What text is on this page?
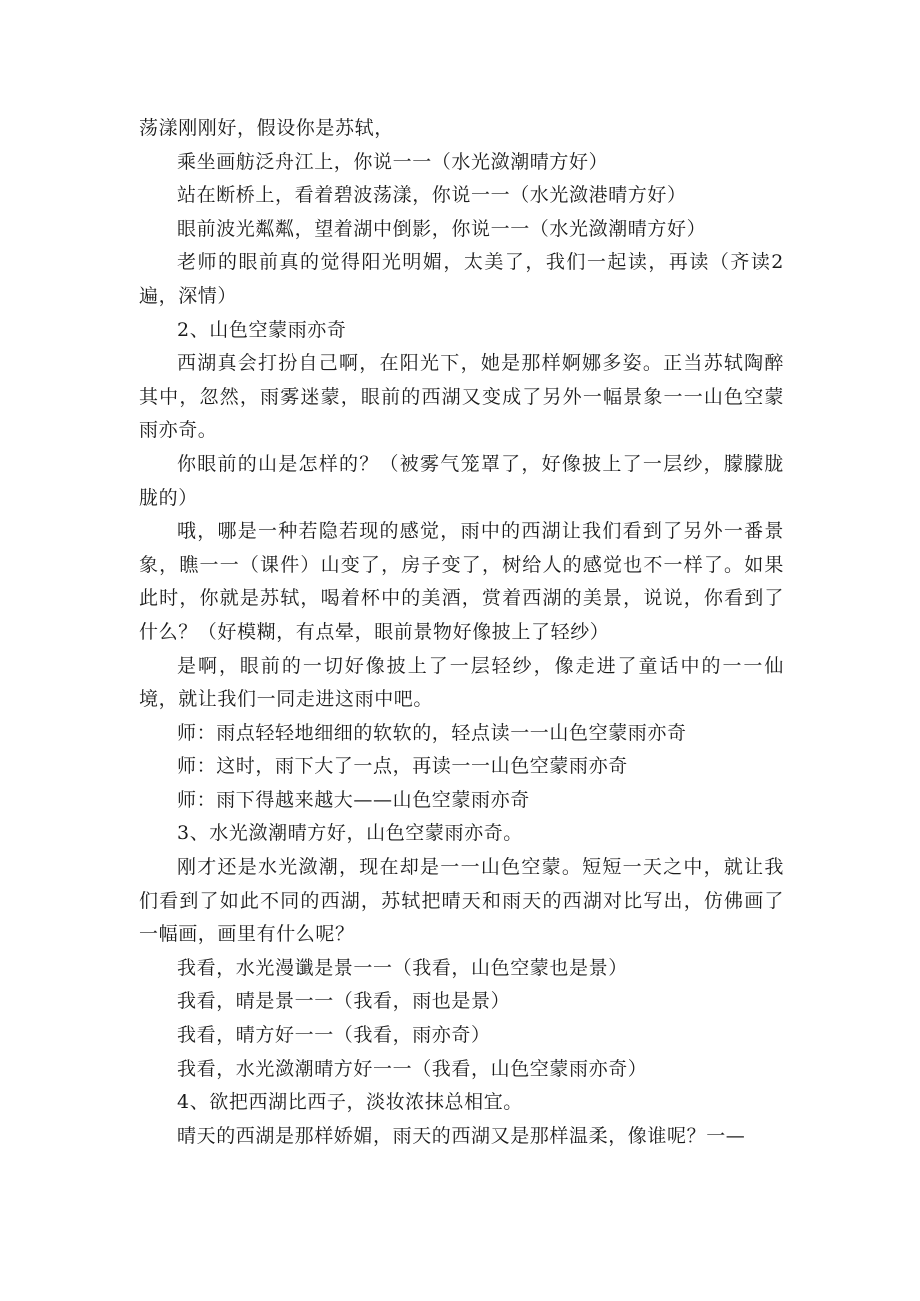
荡漾刚刚好，假设你是苏轼，

乘坐画舫泛舟江上，你说一一（水光潋潮晴方好）

站在断桥上，看着碧波荡漾，你说一一（水光潋港晴方好）

眼前波光粼粼，望着湖中倒影，你说一一（水光潋潮晴方好）

老师的眼前真的觉得阳光明媚，太美了，我们一起读，再读（齐读2遍，深情）

2、山色空蒙雨亦奇

西湖真会打扮自己啊，在阳光下，她是那样婀娜多姿。正当苏轼陶醉其中，忽然，雨雾迷蒙，眼前的西湖又变成了另外一幅景象一一山色空蒙雨亦奇。

你眼前的山是怎样的？（被雾气笼罩了，好像披上了一层纱，朦朦胧胧的）

哦，哪是一种若隐若现的感觉，雨中的西湖让我们看到了另外一番景象，瞧一一（课件）山变了，房子变了，树给人的感觉也不一样了。如果此时，你就是苏轼，喝着杯中的美酒，赏着西湖的美景，说说，你看到了什么？（好模糊，有点晕，眼前景物好像披上了轻纱）

是啊，眼前的一切好像披上了一层轻纱，像走进了童话中的一一仙境，就让我们一同走进这雨中吧。

师：雨点轻轻地细细的软软的，轻点读一一山色空蒙雨亦奇

师：这时，雨下大了一点，再读一一山色空蒙雨亦奇

师：雨下得越来越大——山色空蒙雨亦奇

3、水光潋潮晴方好，山色空蒙雨亦奇。

刚才还是水光潋潮，现在却是一一山色空蒙。短短一天之中，就让我们看到了如此不同的西湖，苏轼把晴天和雨天的西湖对比写出，仿佛画了一幅画，画里有什么呢？

我看，水光漫谶是景一一（我看，山色空蒙也是景）

我看，晴是景一一（我看，雨也是景）

我看，晴方好一一（我看，雨亦奇）

我看，水光潋潮晴方好一一（我看，山色空蒙雨亦奇）

4、欲把西湖比西子，淡妆浓抹总相宜。

晴天的西湖是那样娇媚，雨天的西湖又是那样温柔，像谁呢？一—
